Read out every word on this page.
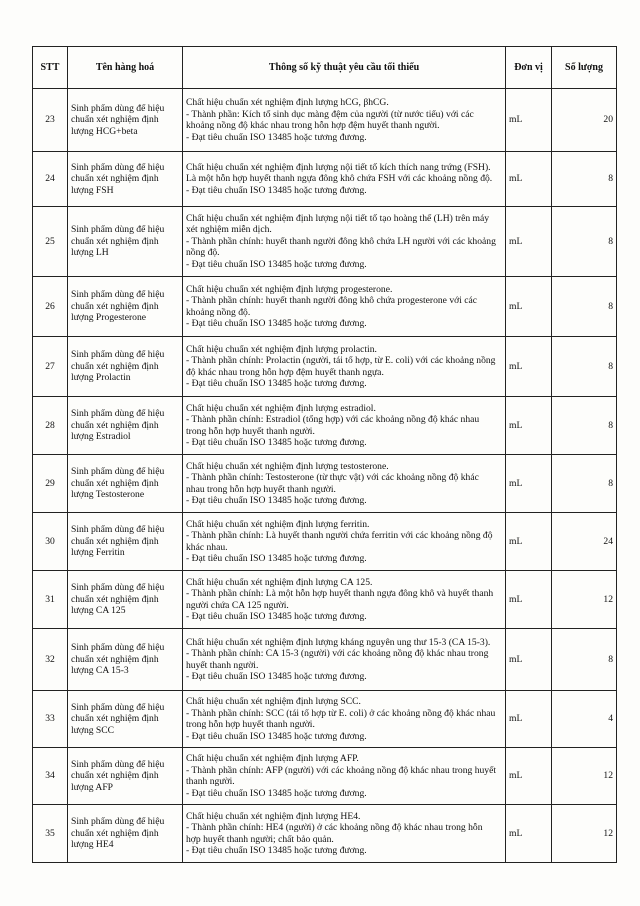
STT	Tên hàng hoá	Thông số kỹ thuật yêu cầu tối thiểu	Đơn vị	Số lượng
23	Sinh phẩm dùng để hiệu chuẩn xét nghiệm định lượng HCG+beta	Chất hiệu chuẩn xét nghiệm định lượng hCG, βhCG.
- Thành phần: Kích tố sinh dục màng đệm của người (từ nước tiểu) với các
khoảng nồng độ khác nhau trong hỗn hợp đệm huyết thanh người.
- Đạt tiêu chuẩn ISO 13485 hoặc tương đương.	mL	20
24	Sinh phẩm dùng để hiệu chuẩn xét nghiệm định lượng FSH	Chất hiệu chuẩn xét nghiệm định lượng nội tiết tố kích thích nang trứng (FSH).
Là một hỗn hợp huyết thanh ngựa đông khô chứa FSH với các khoảng nồng độ.
- Đạt tiêu chuẩn ISO 13485 hoặc tương đương.	mL	8
25	Sinh phẩm dùng để hiệu chuẩn xét nghiệm định lượng LH	Chất hiệu chuẩn xét nghiệm định lượng nội tiết tố tạo hoàng thể (LH) trên máy
xét nghiệm miễn dịch.
- Thành phần chính: huyết thanh người đông khô chứa LH người với các khoảng
nồng độ.
- Đạt tiêu chuẩn ISO 13485 hoặc tương đương.	mL	8
26	Sinh phẩm dùng để hiệu chuẩn xét nghiệm định lượng Progesterone	Chất hiệu chuẩn xét nghiệm định lượng progesterone.
- Thành phần chính: huyết thanh người đông khô chứa progesterone với các
khoảng nồng độ.
- Đạt tiêu chuẩn ISO 13485 hoặc tương đương.	mL	8
27	Sinh phẩm dùng để hiệu chuẩn xét nghiệm định lượng Prolactin	Chất hiệu chuẩn xét nghiệm định lượng prolactin.
- Thành phần chính: Prolactin (người, tái tổ hợp, từ E. coli) với các khoảng nồng
độ khác nhau trong hỗn hợp đệm huyết thanh ngựa.
- Đạt tiêu chuẩn ISO 13485 hoặc tương đương.	mL	8
28	Sinh phẩm dùng để hiệu chuẩn xét nghiệm định lượng Estradiol	Chất hiệu chuẩn xét nghiệm định lượng estradiol.
- Thành phần chính: Estradiol (tổng hợp) với các khoảng nồng độ khác nhau
trong hỗn hợp huyết thanh người.
- Đạt tiêu chuẩn ISO 13485 hoặc tương đương.	mL	8
29	Sinh phẩm dùng để hiệu chuẩn xét nghiệm định lượng Testosterone	Chất hiệu chuẩn xét nghiệm định lượng testosterone.
- Thành phần chính: Testosterone (từ thực vật) với các khoảng nồng độ khác
nhau trong hỗn hợp huyết thanh người.
- Đạt tiêu chuẩn ISO 13485 hoặc tương đương.	mL	8
30	Sinh phẩm dùng để hiệu chuẩn xét nghiệm định lượng Ferritin	Chất hiệu chuẩn xét nghiệm định lượng ferritin.
- Thành phần chính: Là huyết thanh người chứa ferritin với các khoảng nồng độ
khác nhau.
- Đạt tiêu chuẩn ISO 13485 hoặc tương đương.	mL	24
31	Sinh phẩm dùng để hiệu chuẩn xét nghiệm định lượng CA 125	Chất hiệu chuẩn xét nghiệm định lượng CA 125.
- Thành phần chính: Là một hỗn hợp huyết thanh ngựa đông khô và huyết thanh
người chứa CA 125 người.
- Đạt tiêu chuẩn ISO 13485 hoặc tương đương.	mL	12
32	Sinh phẩm dùng để hiệu chuẩn xét nghiệm định lượng CA 15-3	Chất hiệu chuẩn xét nghiệm định lượng kháng nguyên ung thư 15-3 (CA 15-3).
- Thành phần chính: CA 15-3 (người) với các khoảng nồng độ khác nhau trong
huyết thanh người.
- Đạt tiêu chuẩn ISO 13485 hoặc tương đương.	mL	8
33	Sinh phẩm dùng để hiệu chuẩn xét nghiệm định lượng SCC	Chất hiệu chuẩn xét nghiệm định lượng SCC.
- Thành phần chính: SCC (tái tổ hợp từ E. coli) ở các khoảng nồng độ khác nhau
trong hỗn hợp huyết thanh người.
- Đạt tiêu chuẩn ISO 13485 hoặc tương đương.	mL	4
34	Sinh phẩm dùng để hiệu chuẩn xét nghiệm định lượng AFP	Chất hiệu chuẩn xét nghiệm định lượng AFP.
- Thành phần chính: AFP (người) với các khoảng nồng độ khác nhau trong huyết
thanh người.
- Đạt tiêu chuẩn ISO 13485 hoặc tương đương.	mL	12
35	Sinh phẩm dùng để hiệu chuẩn xét nghiệm định lượng HE4	Chất hiệu chuẩn xét nghiệm định lượng HE4.
- Thành phần chính: HE4 (người) ở các khoảng nồng độ khác nhau trong hỗn
hợp huyết thanh người; chất bảo quản.
- Đạt tiêu chuẩn ISO 13485 hoặc tương đương.	mL	12
